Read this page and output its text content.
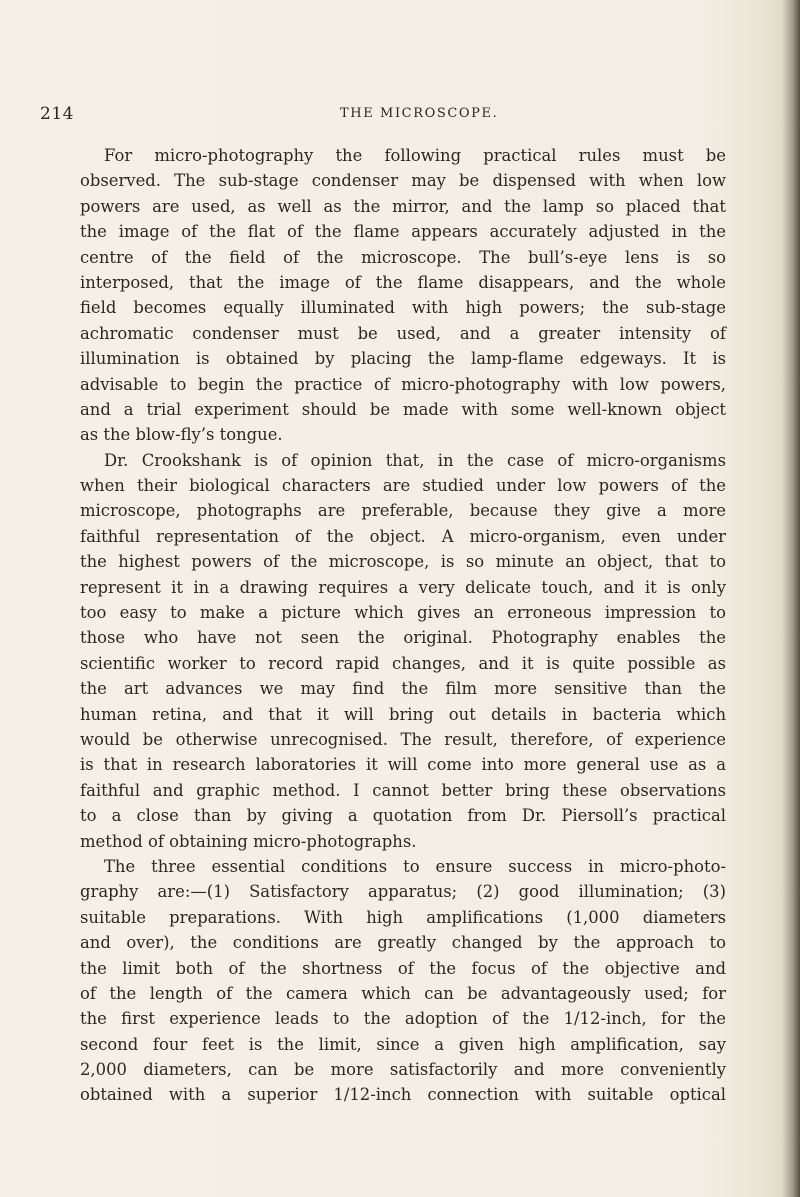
214	THE MICROSCOPE.
For micro-photography the following practical rules must be
observed. The sub-stage condenser may be dispensed with when low
powers are used, as well as the mirror, and the lamp so placed that
the image of the flat of the flame appears accurately adjusted in the
centre of the field of the microscope. The bull’s-eye lens is so
interposed, that the image of the flame disappears, and the whole
field becomes equally illuminated with high powers; the sub-stage
achromatic condenser must be used, and a greater intensity of
illumination is obtained by placing the lamp-flame edgeways. It is
advisable to begin the practice of micro-photography with low powers,
and a trial experiment should be made with some well-known object
as the blow-fly’s tongue.
Dr. Crookshank is of opinion that, in the case of micro-organisms
when their biological characters are studied under low powers of the
microscope, photographs are preferable, because they give a more
faithful representation of the object. A micro-organism, even under
the highest powers of the microscope, is so minute an object, that to
represent it in a drawing requires a very delicate touch, and it is only
too easy to make a picture which gives an erroneous impression to
those who have not seen the original. Photography enables the
scientific worker to record rapid changes, and it is quite possible as
the art advances we may find the film more sensitive than the
human retina, and that it will bring out details in bacteria which
would be otherwise unrecognised. The result, therefore, of experience
is that in research laboratories it will come into more general use as a
faithful and graphic method. I cannot better bring these observations
to a close than by giving a quotation from Dr. Piersoll’s practical
method of obtaining micro-photographs.
The three essential conditions to ensure success in micro-photo-
graphy are:—(1) Satisfactory apparatus; (2) good illumination; (3)
suitable preparations. With high amplifications (1,000 diameters
and over), the conditions are greatly changed by the approach to
the limit both of the shortness of the focus of the objective and
of the length of the camera which can be advantageously used; for
the first experience leads to the adoption of the 1/12-inch, for the
second four feet is the limit, since a given high amplification, say
2,000 diameters, can be more satisfactorily and more conveniently
obtained with a superior 1/12-inch connection with suitable optical
